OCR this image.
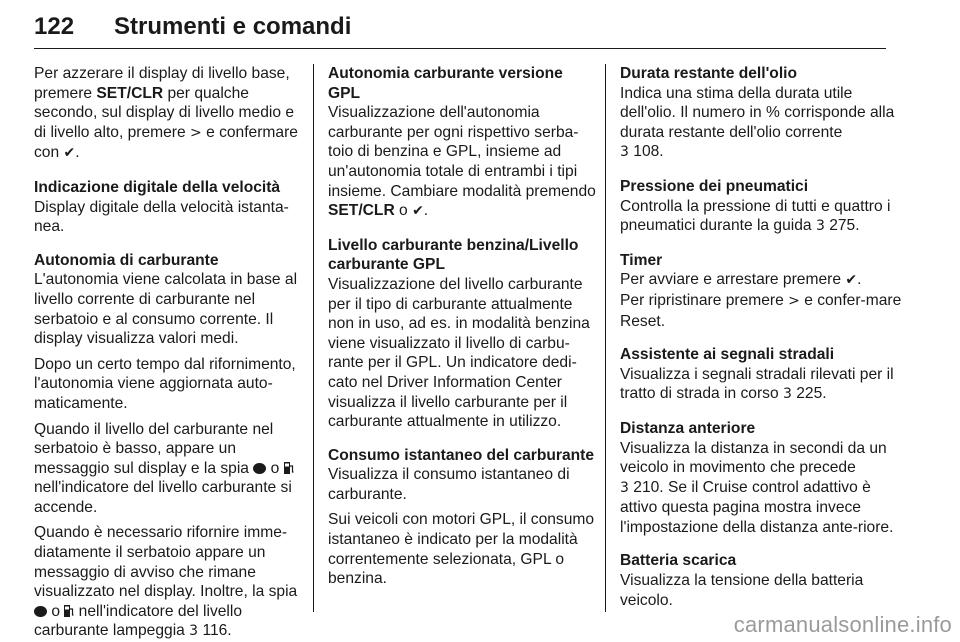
122	Strumenti e comandi
Per azzerare il display di livello base, premere SET/CLR per qualche secondo, sul display di livello medio e di livello alto, premere > e confermare con ✔.
Indicazione digitale della velocità
Display digitale della velocità istanta-nea.
Autonomia di carburante

L'autonomia viene calcolata in base al livello corrente di carburante nel serbatoio e al consumo corrente. Il display visualizza valori medi.

Dopo un certo tempo dal rifornimento, l'autonomia viene aggiornata auto-maticamente.

Quando il livello del carburante nel serbatoio è basso, appare un messaggio sul display e la spia  o  nell'indicatore del livello carburante si accende.

Quando è necessario rifornire imme-diatamente il serbatoio appare un messaggio di avviso che rimane visualizzato nel display. Inoltre, la spia  o  nell'indicatore del livello carburante lampeggia 3 116.

Autonomia carburante versione GPL
Visualizzazione dell'autonomia carburante per ogni rispettivo serba-toio di benzina e GPL, insieme ad un'autonomia totale di entrambi i tipi insieme. Cambiare modalità premendo SET/CLR o ✔.
Livello carburante benzina/Livello carburante GPL
Visualizzazione del livello carburante per il tipo di carburante attualmente non in uso, ad es. in modalità benzina viene visualizzato il livello di carbu-rante per il GPL. Un indicatore dedi-cato nel Driver Information Center visualizza il livello carburante per il carburante attualmente in utilizzo.
Consumo istantaneo del carburante

Visualizza il consumo istantaneo di carburante.

Sui veicoli con motori GPL, il consumo istantaneo è indicato per la modalità correntemente selezionata, GPL o benzina.

Durata restante dell'olio
Indica una stima della durata utile dell'olio. Il numero in % corrisponde alla durata restante dell'olio corrente
3 108.
Pressione dei pneumatici
Controlla la pressione di tutti e quattro i pneumatici durante la guida 3 275.
Timer
Per avviare e arrestare premere ✔.
Per ripristinare premere > e confer-mare Reset.
Assistente ai segnali stradali
Visualizza i segnali stradali rilevati per il tratto di strada in corso 3 225.
Distanza anteriore
Visualizza la distanza in secondi da un veicolo in movimento che precede
3 210. Se il Cruise control adattivo è attivo questa pagina mostra invece l'impostazione della distanza ante-riore.
Batteria scarica
Visualizza la tensione della batteria veicolo.
carmanualsonline.info
